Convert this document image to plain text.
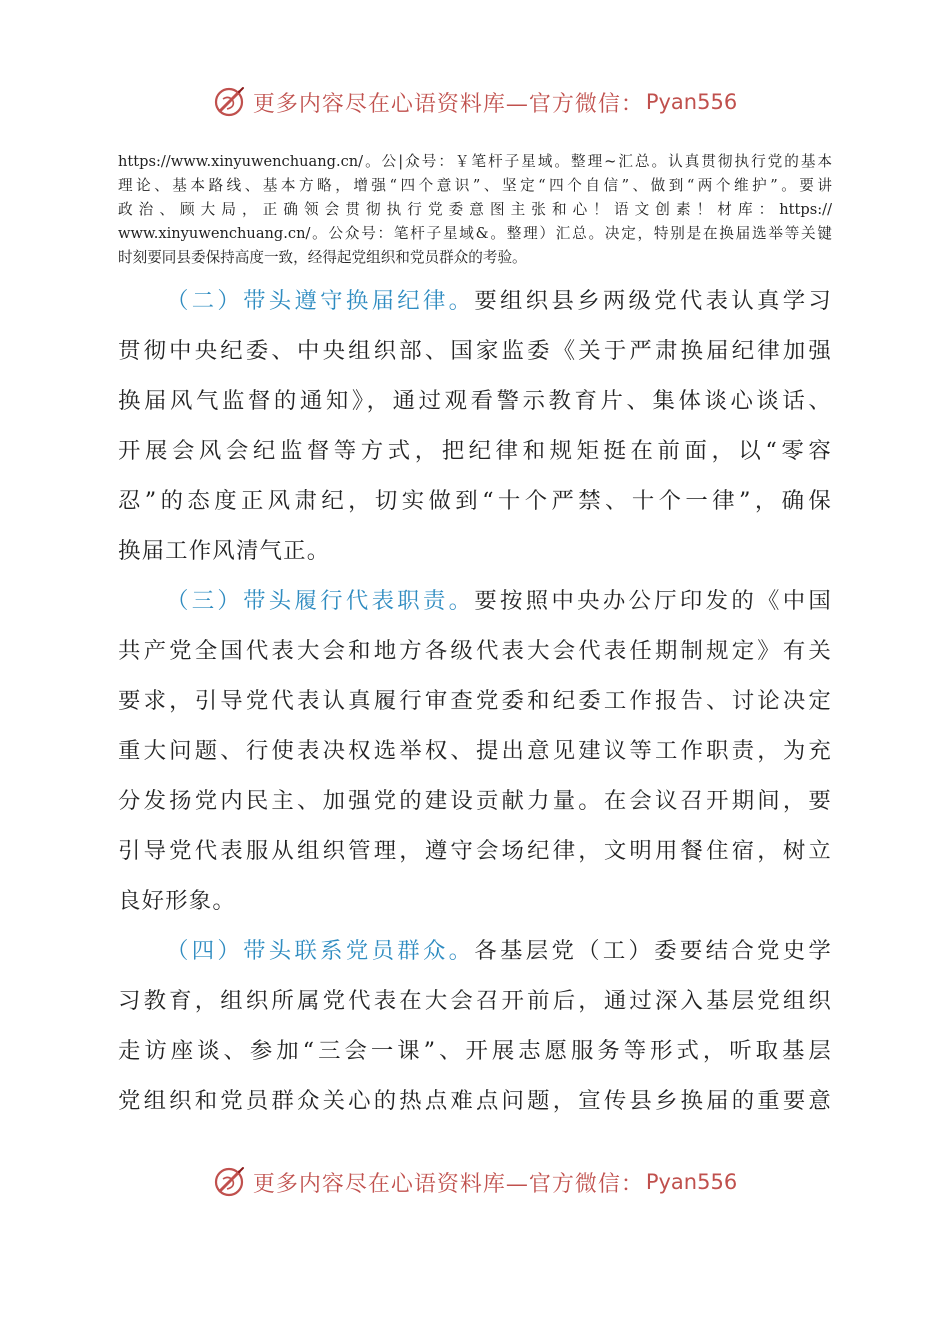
更多内容尽在心语资料库—官方微信： Pyan556
https://www.xinyuwenchuang.cn/。公|众号：￥笔杆子星域。整理~汇总。认真贯彻执行党的基本
理论、基本路线、基本方略，增强“四个意识”、坚定“四个自信”、做到“两个维护”。要讲
政治、顾大局，正确领会贯彻执行党委意图主张和心！语文创素！材库：https://
www.xinyuwenchuang.cn/。公众号：笔杆子星域&。整理）汇总。决定，特别是在换届选举等关键
时刻要同县委保持高度一致，经得起党组织和党员群众的考验。
（二）带头遵守换届纪律。要组织县乡两级党代表认真学习
贯彻中央纪委、中央组织部、国家监委《关于严肃换届纪律加强
换届风气监督的通知》，通过观看警示教育片、集体谈心谈话、
开展会风会纪监督等方式，把纪律和规矩挺在前面，以“零容
忍”的态度正风肃纪，切实做到“十个严禁、十个一律”，确保
换届工作风清气正。
（三）带头履行代表职责。要按照中央办公厅印发的《中国
共产党全国代表大会和地方各级代表大会代表任期制规定》有关
要求，引导党代表认真履行审查党委和纪委工作报告、讨论决定
重大问题、行使表决权选举权、提出意见建议等工作职责，为充
分发扬党内民主、加强党的建设贡献力量。在会议召开期间，要
引导党代表服从组织管理，遵守会场纪律，文明用餐住宿，树立
良好形象。
（四）带头联系党员群众。各基层党（工）委要结合党史学
习教育，组织所属党代表在大会召开前后，通过深入基层党组织
走访座谈、参加“三会一课”、开展志愿服务等形式，听取基层
党组织和党员群众关心的热点难点问题，宣传县乡换届的重要意
更多内容尽在心语资料库—官方微信： Pyan556
